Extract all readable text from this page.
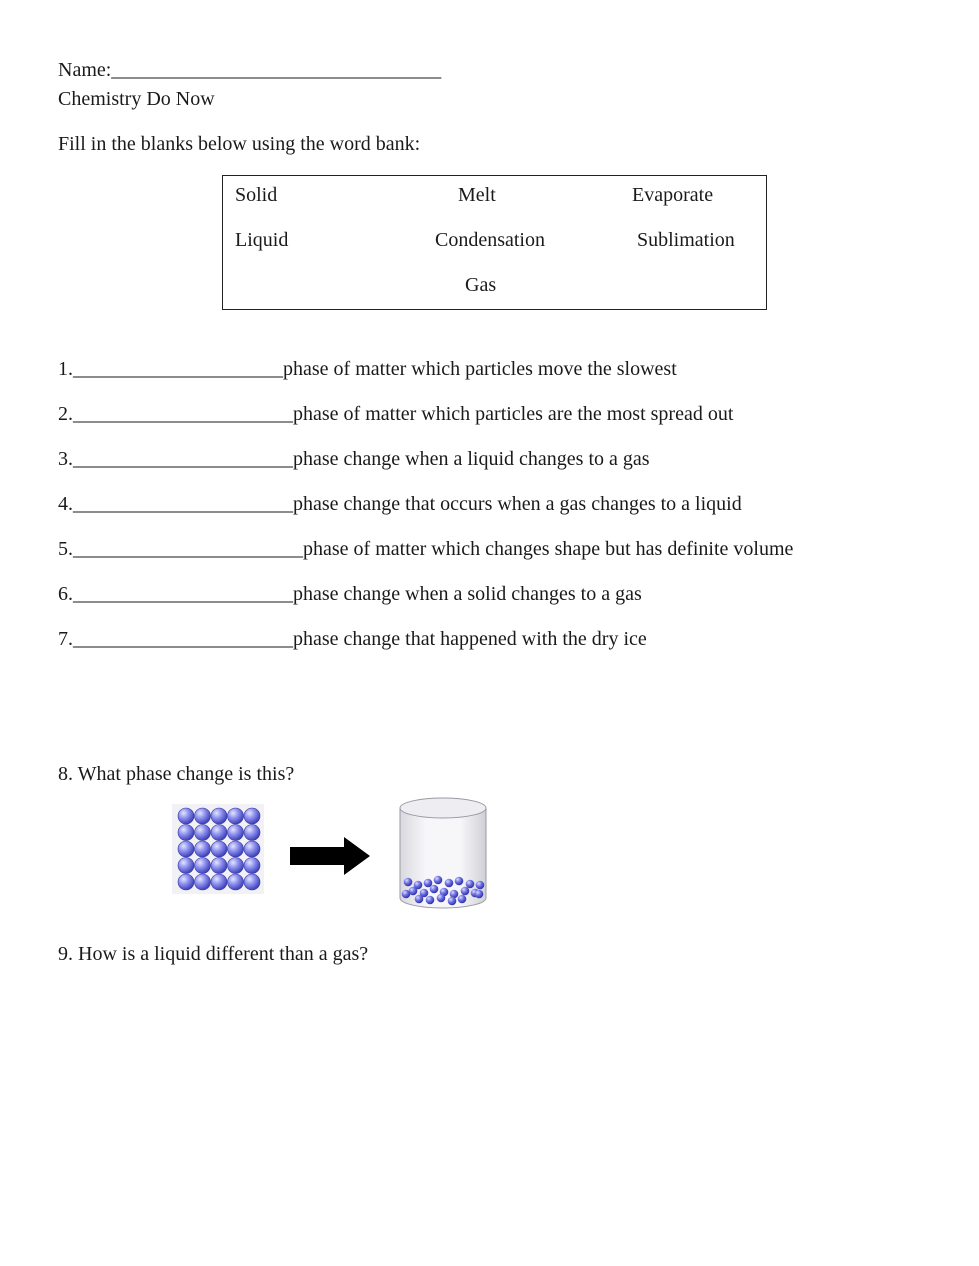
Name:_________________________________
Chemistry Do Now
Fill in the blanks below using the word bank:
Solid	Melt	Evaporate
Liquid	Condensation	Sublimation
Gas
1._____________________phase of matter which particles move the slowest
2.______________________phase of matter which particles are the most spread out
3.______________________phase change when a liquid changes to a gas
4.______________________phase change that occurs when a gas changes to a liquid
5._______________________phase of matter which changes shape but has definite volume
6.______________________phase change when a solid changes to a gas
7.______________________phase change that happened with the dry ice
8. What phase change is this?
9. How is a liquid different than a gas?
